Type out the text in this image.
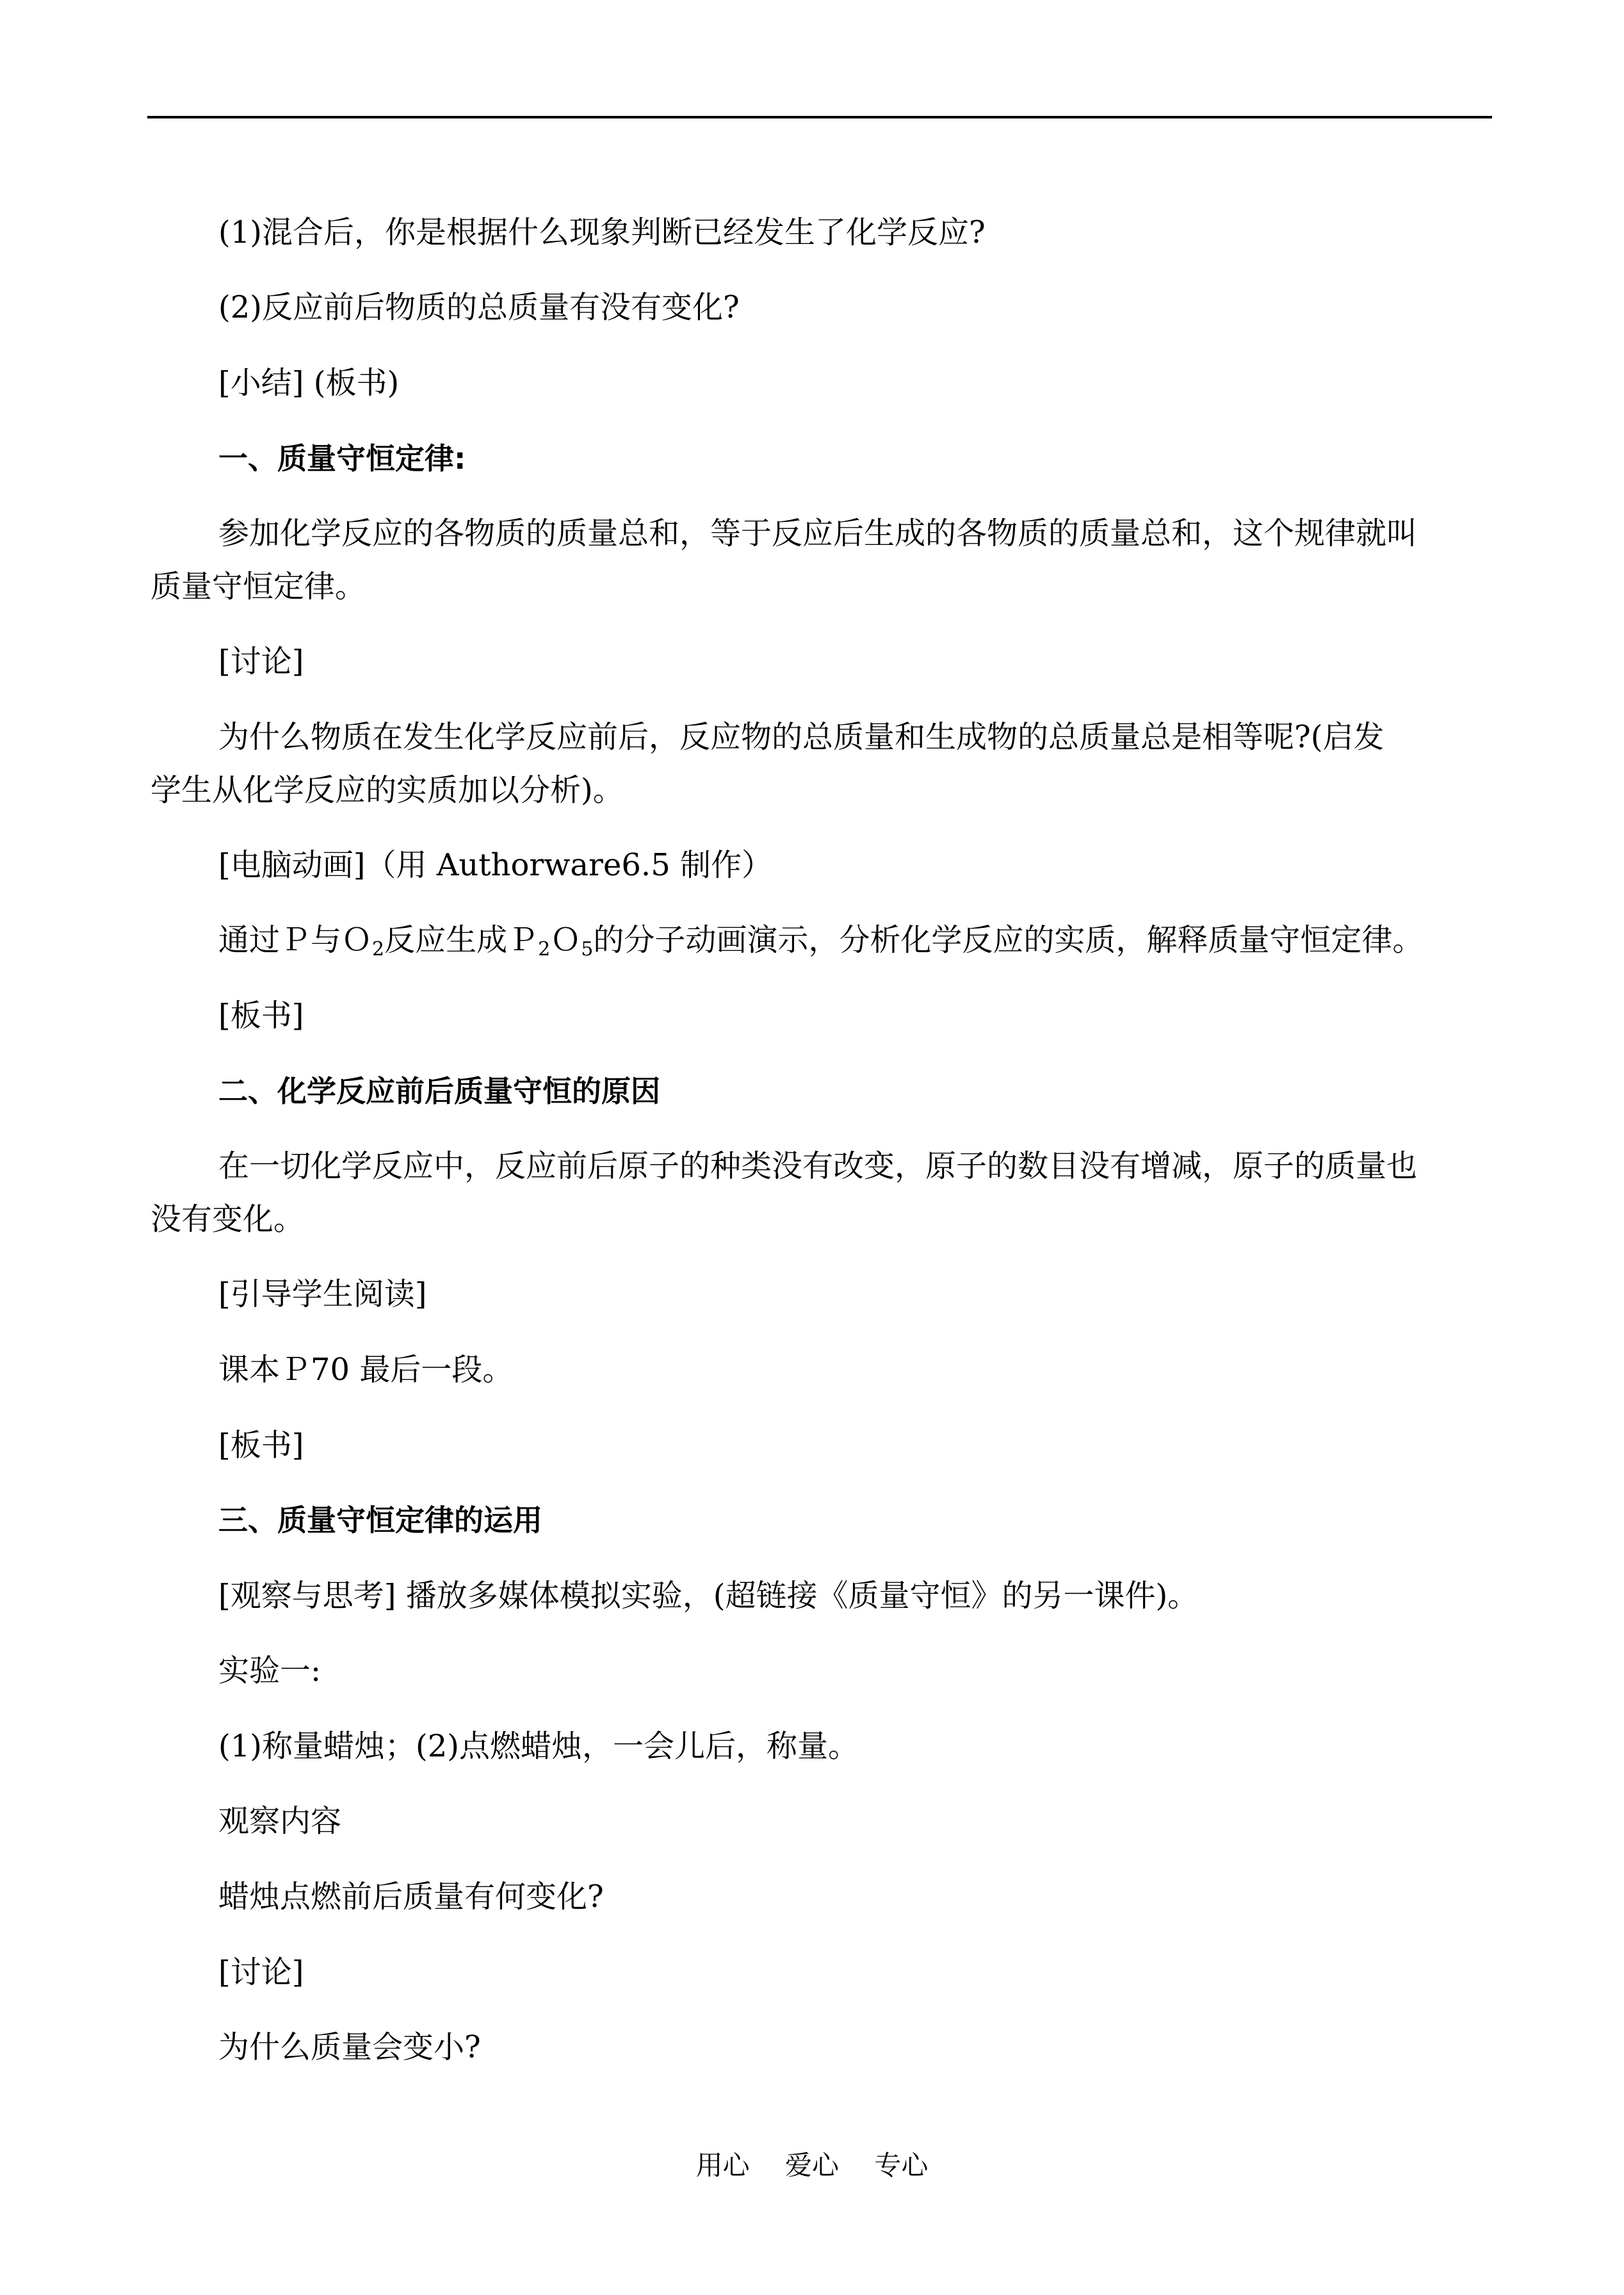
(1)混合后，你是根据什么现象判断已经发生了化学反应?
(2)反应前后物质的总质量有没有变化?
[小结] (板书)
一、质量守恒定律:
参加化学反应的各物质的质量总和，等于反应后生成的各物质的质量总和，这个规律就叫
质量守恒定律。
[讨论]
为什么物质在发生化学反应前后，反应物的总质量和生成物的总质量总是相等呢?(启发
学生从化学反应的实质加以分析)。
[电脑动画]（用 Authorware6.5 制作）
通过Ｐ与Ｏ$_2$反应生成Ｐ$_2$Ｏ$_5$的分子动画演示，分析化学反应的实质，解释质量守恒定律。
[板书]
二、化学反应前后质量守恒的原因
在一切化学反应中，反应前后原子的种类没有改变，原子的数目没有增减，原子的质量也
没有变化。
[引导学生阅读]
课本Ｐ70 最后一段。
[板书]
三、质量守恒定律的运用
[观察与思考] 播放多媒体模拟实验，(超链接《质量守恒》的另一课件)。
实验一:
(1)称量蜡烛；(2)点燃蜡烛，一会儿后，称量。
观察内容
蜡烛点燃前后质量有何变化?
[讨论]
为什么质量会变小?
用心　 爱心　 专心
